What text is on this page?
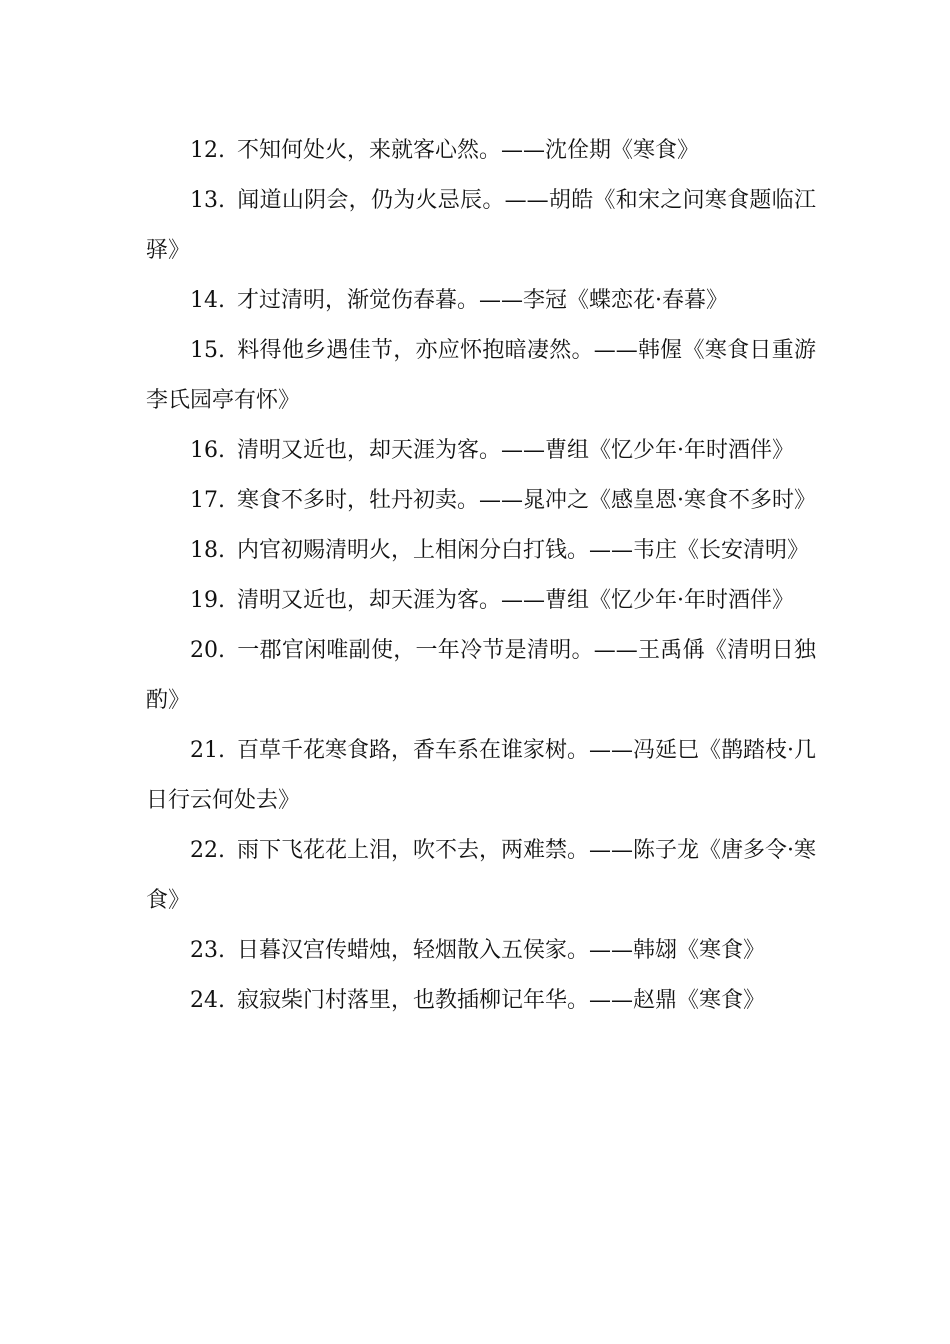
12. 不知何处火，来就客心然。——沈佺期《寒食》
13. 闻道山阴会，仍为火忌辰。——胡皓《和宋之问寒食题临江驿》
14. 才过清明，渐觉伤春暮。——李冠《蝶恋花·春暮》
15. 料得他乡遇佳节，亦应怀抱暗凄然。——韩偓《寒食日重游李氏园亭有怀》
16. 清明又近也，却天涯为客。——曹组《忆少年·年时酒伴》
17. 寒食不多时，牡丹初卖。——晁冲之《感皇恩·寒食不多时》
18. 内官初赐清明火，上相闲分白打钱。——韦庄《长安清明》
19. 清明又近也，却天涯为客。——曹组《忆少年·年时酒伴》
20. 一郡官闲唯副使，一年冷节是清明。——王禹偁《清明日独酌》
21. 百草千花寒食路，香车系在谁家树。——冯延巳《鹊踏枝·几日行云何处去》
22. 雨下飞花花上泪，吹不去，两难禁。——陈子龙《唐多令·寒食》
23. 日暮汉宫传蜡烛，轻烟散入五侯家。——韩翃《寒食》
24. 寂寂柴门村落里，也教插柳记年华。——赵鼎《寒食》
